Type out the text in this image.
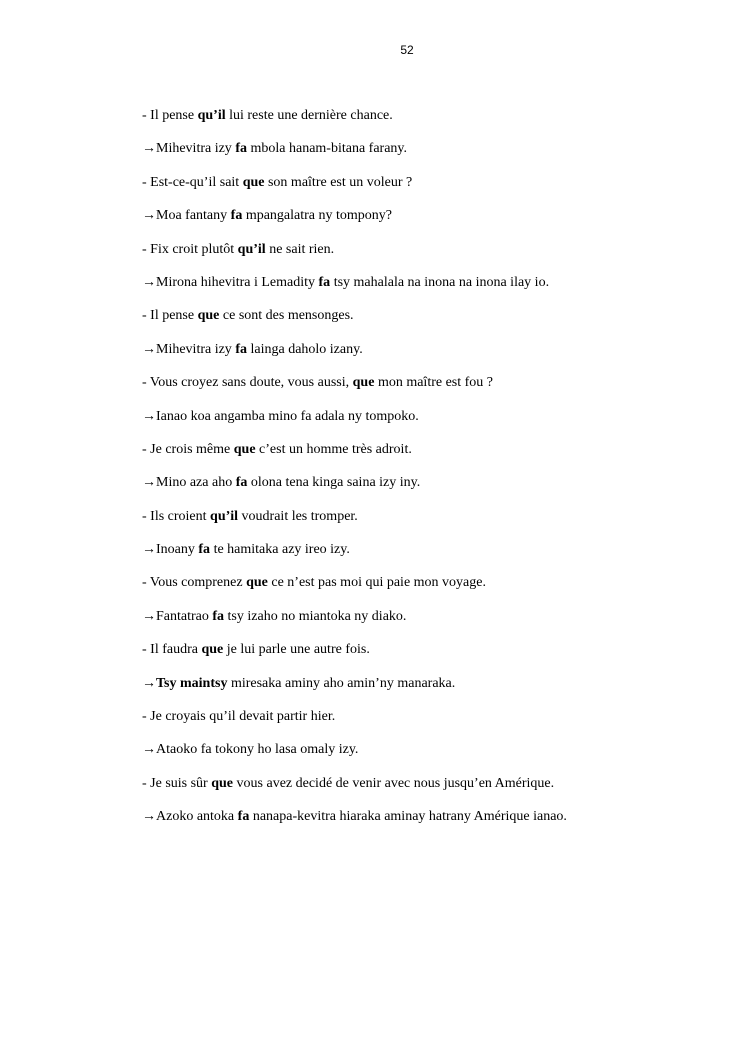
52
- Il pense qu’il lui reste une dernière chance.
→Mihevitra izy fa mbola hanam-bitana farany.
- Est-ce-qu’il sait que son maître est un voleur ?
→Moa fantany fa mpangalatra ny tompony?
- Fix croit plutôt qu’il ne sait rien.
→Mirona hihevitra i Lemadity fa tsy mahalala na inona na inona ilay io.
- Il pense que ce sont des mensonges.
→Mihevitra izy fa lainga daholo izany.
- Vous croyez sans doute, vous aussi, que mon maître est fou ?
→Ianao koa angamba mino fa adala ny tompoko.
- Je crois même que c’est un homme très adroit.
→Mino aza aho fa olona tena kinga saina izy iny.
- Ils croient qu’il voudrait les tromper.
→Inoany fa te hamitaka azy ireo izy.
- Vous comprenez que ce n’est pas moi qui paie mon voyage.
→Fantatrao fa tsy izaho no miantoka ny diako.
- Il faudra que je lui parle une autre fois.
→Tsy maintsy miresaka aminy aho amin’ny manaraka.
- Je croyais qu’il devait partir hier.
→Ataoko fa tokony ho lasa omaly izy.
- Je suis sûr que vous avez decidé de venir avec nous jusqu’en Amérique.
→Azoko antoka fa nanapa-kevitra hiaraka aminay hatrany Amérique ianao.
